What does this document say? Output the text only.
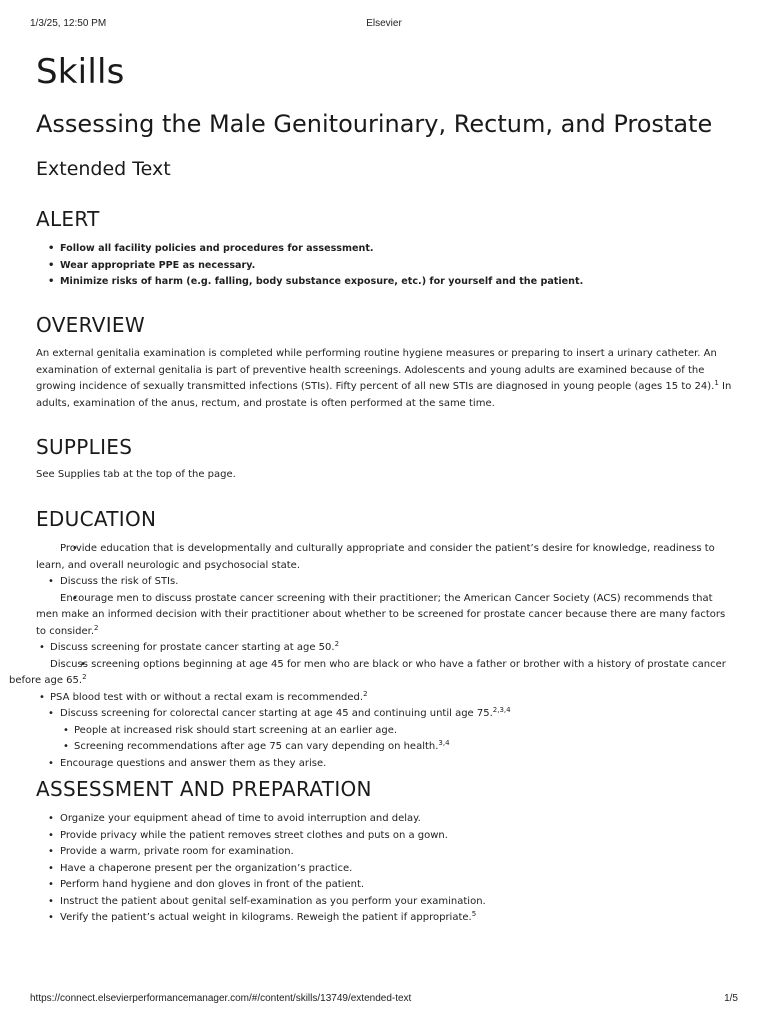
1/3/25, 12:50 PM	Elsevier
Skills
Assessing the Male Genitourinary, Rectum, and Prostate
Extended Text
ALERT
• Follow all facility policies and procedures for assessment.
• Wear appropriate PPE as necessary.
• Minimize risks of harm (e.g. falling, body substance exposure, etc.) for yourself and the patient.
OVERVIEW

An external genitalia examination is completed while performing routine hygiene measures or preparing to insert a urinary catheter. An examination of external genitalia is part of preventive health screenings. Adolescents and young adults are examined because of the growing incidence of sexually transmitted infections (STIs). Fifty percent of all new STIs are diagnosed in young people (ages 15 to 24).$^1$ In adults, examination of the anus, rectum, and prostate is often performed at the same time.

SUPPLIES

See Supplies tab at the top of the page.

EDUCATION
• Provide education that is developmentally and culturally appropriate and consider the patient’s desire for knowledge, readiness to learn, and overall neurologic and psychosocial state.
• Discuss the risk of STIs.
• Encourage men to discuss prostate cancer screening with their practitioner; the American Cancer Society (ACS) recommends that men make an informed decision with their practitioner about whether to be screened for prostate cancer because there are many factors to consider.$^2$
• Discuss screening for prostate cancer starting at age 50.$^2$
• Discuss screening options beginning at age 45 for men who are black or who have a father or brother with a history of prostate cancer before age 65.$^2$
• PSA blood test with or without a rectal exam is recommended.$^2$
• Discuss screening for colorectal cancer starting at age 45 and continuing until age 75.$^{2,3,4}$
• People at increased risk should start screening at an earlier age.
• Screening recommendations after age 75 can vary depending on health.$^{3,4}$
• Encourage questions and answer them as they arise.
ASSESSMENT AND PREPARATION
• Organize your equipment ahead of time to avoid interruption and delay.
• Provide privacy while the patient removes street clothes and puts on a gown.
• Provide a warm, private room for examination.
• Have a chaperone present per the organization’s practice.
• Perform hand hygiene and don gloves in front of the patient.
• Instruct the patient about genital self-examination as you perform your examination.
• Verify the patient’s actual weight in kilograms. Reweigh the patient if appropriate.$^5$
https://connect.elsevierperformancemanager.com/#/content/skills/13749/extended-text	1/5
